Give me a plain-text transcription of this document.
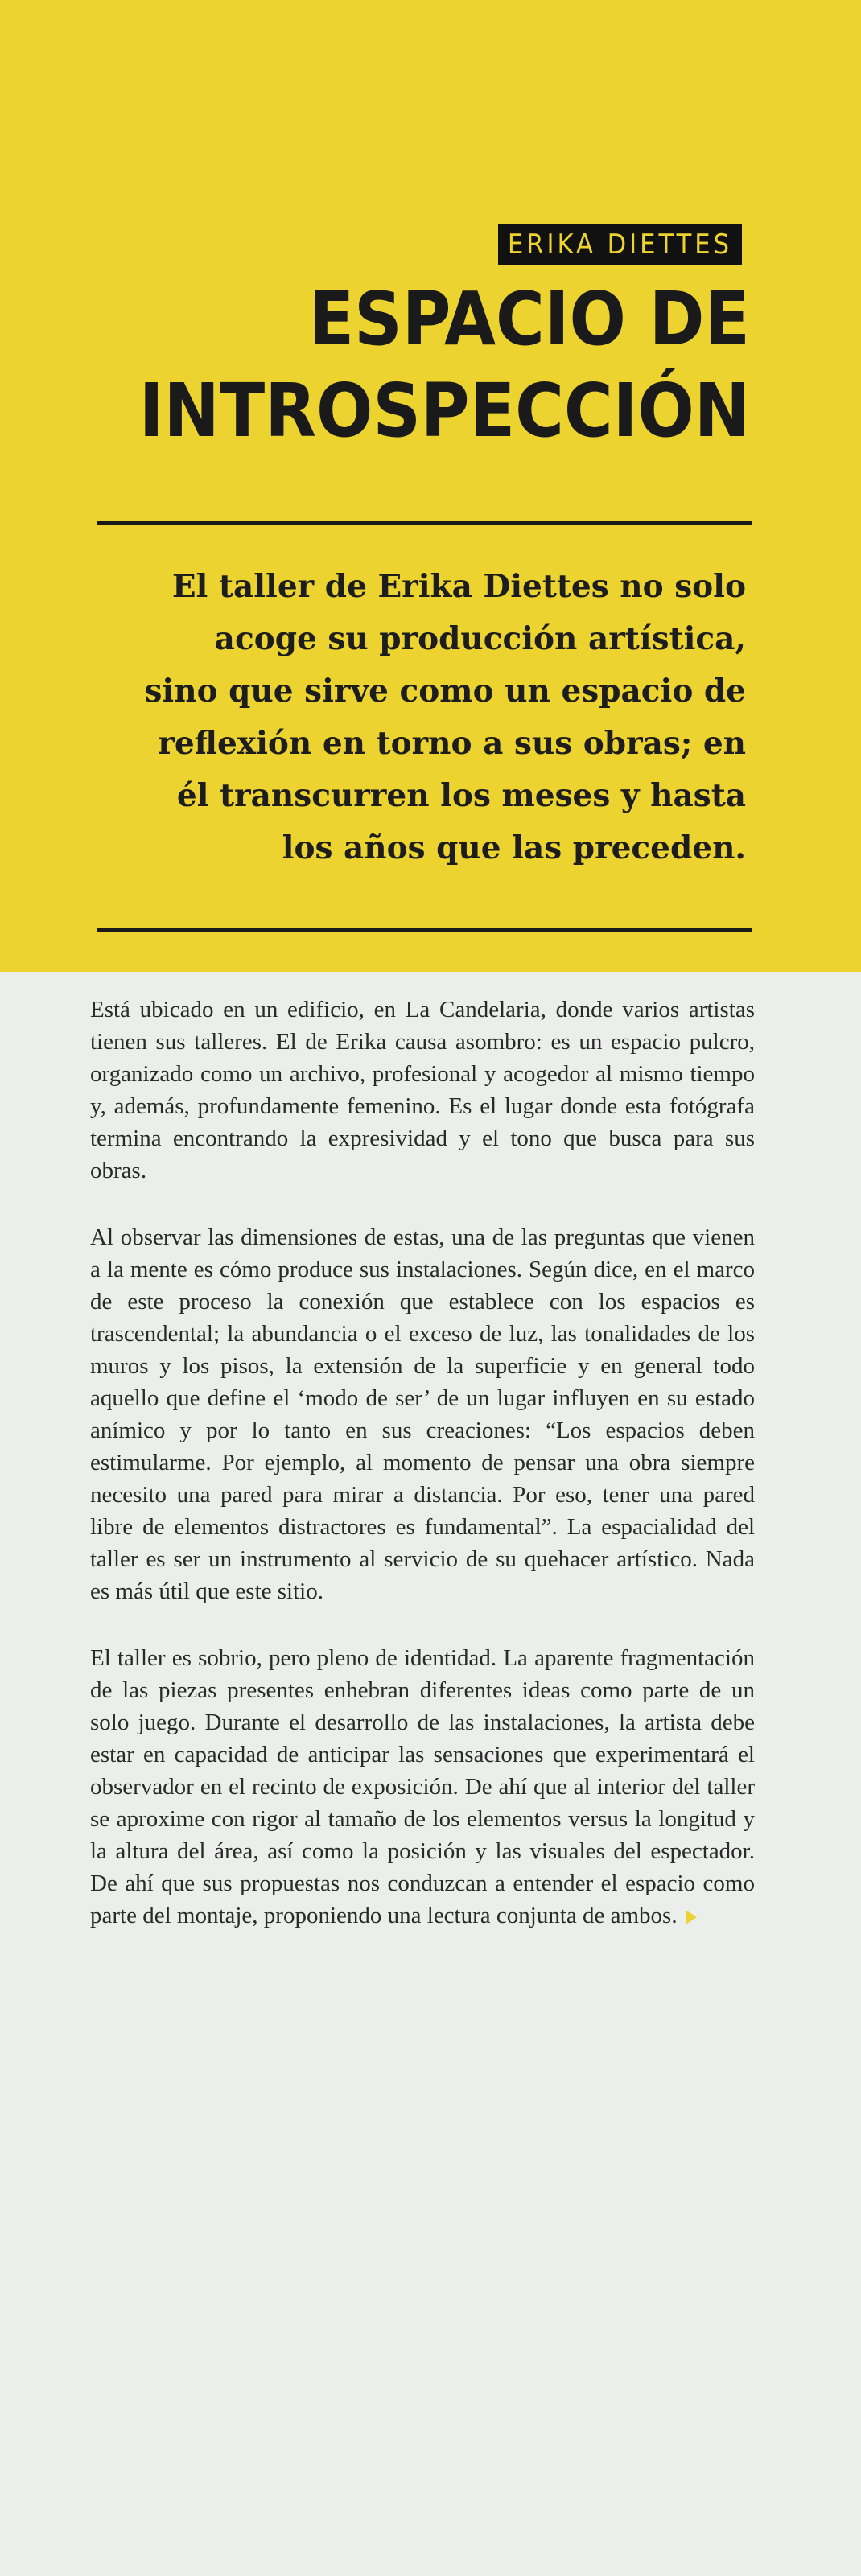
ERIKA DIETTES
ESPACIO DE
INTROSPECCIÓN
El taller de Erika Diettes no solo
acoge su producción artística,
sino que sirve como un espacio de
reflexión en torno a sus obras; en
él transcurren los meses y hasta
los años que las preceden.

Está ubicado en un edificio, en La Candelaria, donde varios artistas tienen sus talleres. El de Erika causa asombro: es un espacio pulcro, organizado como un archivo, profesional y acogedor al mismo tiempo y, además, profundamente femenino. Es el lugar donde esta fotógrafa termina encontrando la expresividad y el tono que busca para sus obras.

Al observar las dimensiones de estas, una de las preguntas que vienen a la mente es cómo produce sus instalaciones. Según dice, en el marco de este proceso la conexión que establece con los espacios es trascendental; la abundancia o el exceso de luz, las tonalidades de los muros y los pisos, la extensión de la superficie y en general todo aquello que define el ‘modo de ser’ de un lugar influyen en su estado anímico y por lo tanto en sus creaciones: “Los espacios deben estimularme. Por ejemplo, al momento de pensar una obra siempre necesito una pared para mirar a distancia. Por eso, tener una pared libre de elementos distractores es fundamental”. La espacialidad del taller es ser un instrumento al servicio de su quehacer artístico. Nada es más útil que este sitio.

El taller es sobrio, pero pleno de identidad. La aparente fragmentación de las piezas presentes enhebran diferentes ideas como parte de un solo juego. Durante el desarrollo de las instalaciones, la artista debe estar en capacidad de anticipar las sensaciones que experimentará el observador en el recinto de exposición. De ahí que al interior del taller se aproxime con rigor al tamaño de los elementos versus la longitud y la altura del área, así como la posición y las visuales del espectador. De ahí que sus propuestas nos conduzcan a entender el espacio como parte del montaje, proponiendo una lectura conjunta de ambos.
